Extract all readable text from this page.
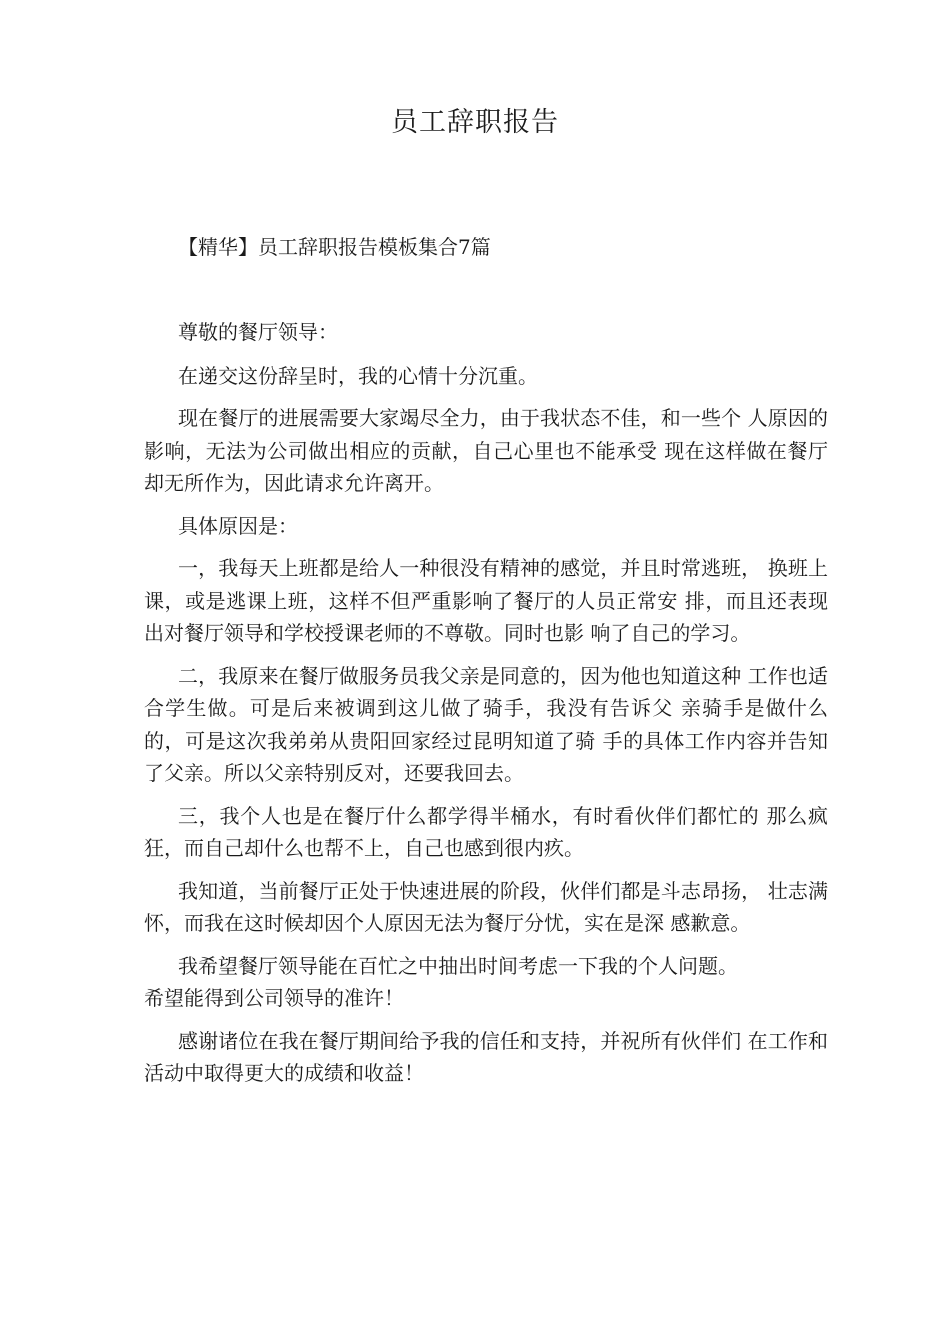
员工辞职报告
【精华】员工辞职报告模板集合7篇

尊敬的餐厅领导：

在递交这份辞呈时，我的心情十分沉重。

现在餐厅的进展需要大家竭尽全力，由于我状态不佳，和一些个 人原因的影响，无法为公司做出相应的贡献，自己心里也不能承受 现在这样做在餐厅却无所作为，因此请求允许离开。

具体原因是：

一，我每天上班都是给人一种很没有精神的感觉，并且时常逃班， 换班上课，或是逃课上班，这样不但严重影响了餐厅的人员正常安 排，而且还表现出对餐厅领导和学校授课老师的不尊敬。同时也影 响了自己的学习。

二，我原来在餐厅做服务员我父亲是同意的，因为他也知道这种 工作也适合学生做。可是后来被调到这儿做了骑手，我没有告诉父 亲骑手是做什么的，可是这次我弟弟从贵阳回家经过昆明知道了骑 手的具体工作内容并告知了父亲。所以父亲特别反对，还要我回去。

三，我个人也是在餐厅什么都学得半桶水，有时看伙伴们都忙的 那么疯狂，而自己却什么也帮不上，自己也感到很内疚。

我知道，当前餐厅正处于快速进展的阶段，伙伴们都是斗志昂扬， 壮志满怀，而我在这时候却因个人原因无法为餐厅分忧，实在是深 感歉意。

我希望餐厅领导能在百忙之中抽出时间考虑一下我的个人问题。

希望能得到公司领导的准许！

感谢诸位在我在餐厅期间给予我的信任和支持，并祝所有伙伴们 在工作和活动中取得更大的成绩和收益！
